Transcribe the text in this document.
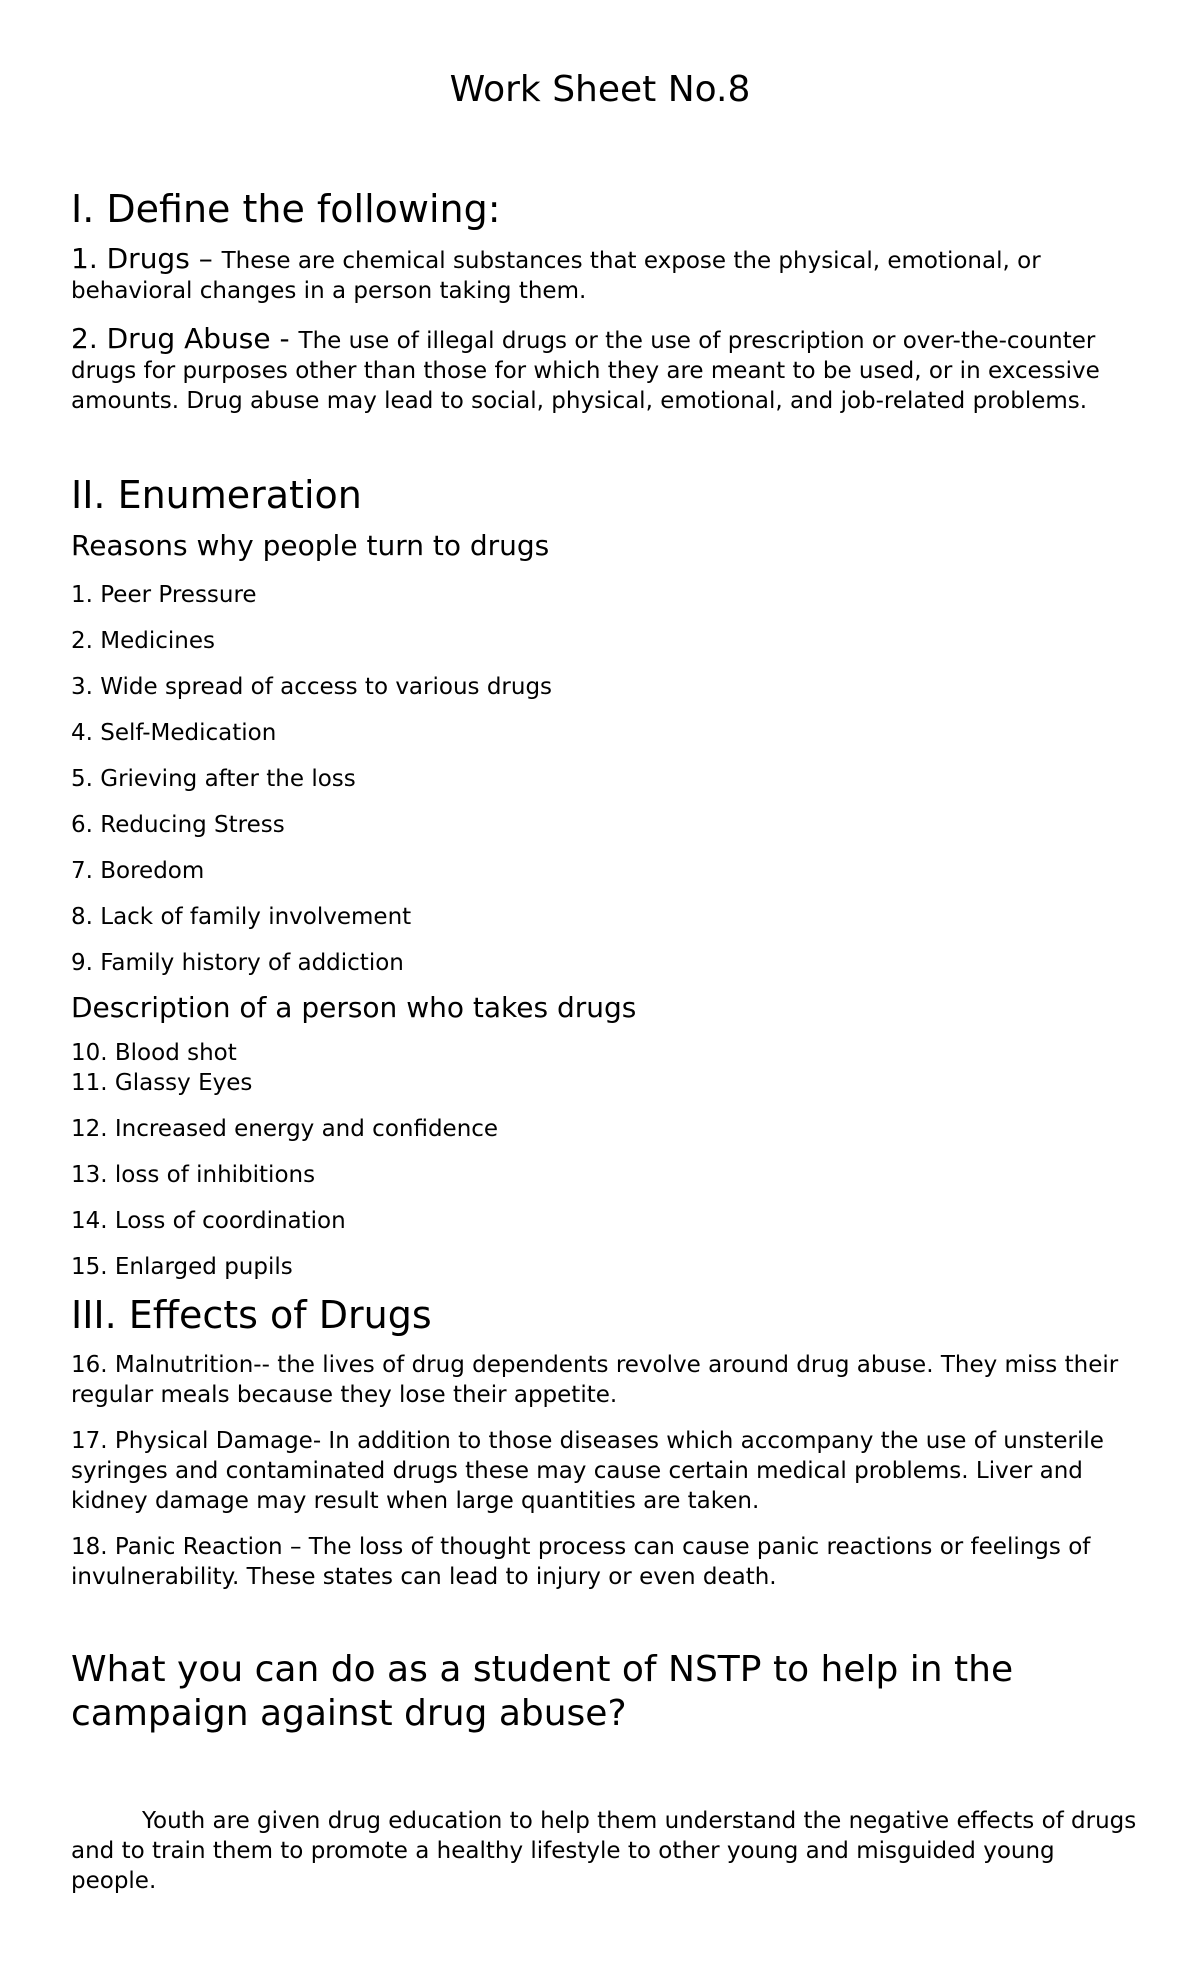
Work Sheet No.8
I. Define the following:

1. Drugs – These are chemical substances that expose the physical, emotional, or behavioral changes in a person taking them.

2. Drug Abuse - The use of illegal drugs or the use of prescription or over-the-counter drugs for purposes other than those for which they are meant to be used, or in excessive amounts. Drug abuse may lead to social, physical, emotional, and job-related problems.

II. Enumeration
Reasons why people turn to drugs

1. Peer Pressure

2. Medicines

3. Wide spread of access to various drugs

4. Self-Medication

5. Grieving after the loss

6. Reducing Stress

7. Boredom

8. Lack of family involvement

9. Family history of addiction

Description of a person who takes drugs

10. Blood shot

11. Glassy Eyes

12. Increased energy and confidence

13. loss of inhibitions

14. Loss of coordination

15. Enlarged pupils

III. Effects of Drugs

16. Malnutrition-- the lives of drug dependents revolve around drug abuse. They miss their regular meals because they lose their appetite.

17. Physical Damage- In addition to those diseases which accompany the use of unsterile syringes and contaminated drugs these may cause certain medical problems. Liver and kidney damage may result when large quantities are taken.

18. Panic Reaction – The loss of thought process can cause panic reactions or feelings of invulnerability. These states can lead to injury or even death.

What you can do as a student of NSTP to help in the campaign against drug abuse?

Youth are given drug education to help them understand the negative effects of drugs and to train them to promote a healthy lifestyle to other young and misguided young people.
